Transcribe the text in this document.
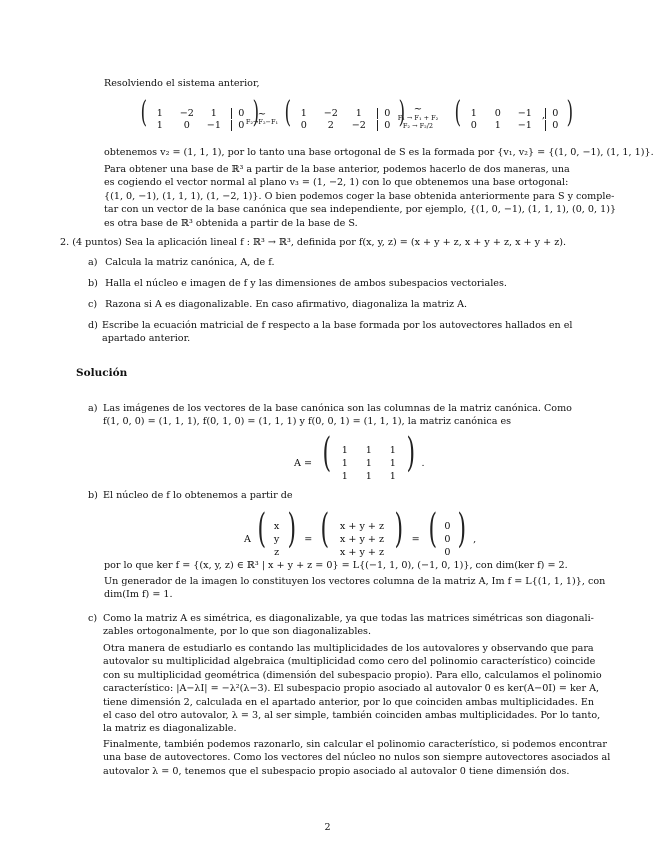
Resolviendo el sistema anterior,
(	1	−2	1	0
1	0	−1	0 )
~
F₂→F₂−F₁ (	1	−2	1	0
0	2	−2	0 ) ~
F₁ → F₁ + F₂
F₂ → F₂/2 (	1	0	−1	0
0	1	−1	0 )
,
obtenemos v₂ = (1, 1, 1), por lo tanto una base ortogonal de S es la formada por {v₁, v₂} = {(1, 0, −1), (1, 1, 1)}.
Para obtener una base de ℝ³ a partir de la base anterior, podemos hacerlo de dos maneras, una
es cogiendo el vector normal al plano v₃ = (1, −2, 1) con lo que obtenemos una base ortogonal:
{(1, 0, −1), (1, 1, 1), (1, −2, 1)}. O bien podemos coger la base obtenida anteriormente para S y comple-
tar con un vector de la base canónica que sea independiente, por ejemplo, {(1, 0, −1), (1, 1, 1), (0, 0, 1)}
es otra base de ℝ³ obtenida a partir de la base de S.
2. (4 puntos) Sea la aplicación lineal f : ℝ³ → ℝ³, definida por f(x, y, z) = (x + y + z, x + y + z, x + y + z).
a) Calcula la matriz canónica, A, de f.
b) Halla el núcleo e imagen de f y las dimensiones de ambos subespacios vectoriales.
c) Razona si A es diagonalizable. En caso afirmativo, diagonaliza la matriz A.
d) Escribe la ecuación matricial de f respecto a la base formada por los autovectores hallados en el
apartado anterior.
Solución
a) Las imágenes de los vectores de la base canónica son las columnas de la matriz canónica. Como
f(1, 0, 0) = (1, 1, 1), f(0, 1, 0) = (1, 1, 1) y f(0, 0, 1) = (1, 1, 1), la matriz canónica es
A = (	1	1	1
1	1	1
1	1	1
) .
b) El núcleo de f lo obtenemos a partir de
A ( x
y
z
) = (	x + y + z
x + y + z
x + y + z
) = ( 0
0
0
) ,
por lo que ker f = {(x, y, z) ∈ ℝ³ | x + y + z = 0} = L{(−1, 1, 0), (−1, 0, 1)}, con dim(ker f) = 2.
Un generador de la imagen lo constituyen los vectores columna de la matriz A, Im f = L{(1, 1, 1)}, con
dim(Im f) = 1.
c) Como la matriz A es simétrica, es diagonalizable, ya que todas las matrices simétricas son diagonali-
zables ortogonalmente, por lo que son diagonalizables.
Otra manera de estudiarlo es contando las multiplicidades de los autovalores y observando que para
autovalor su multiplicidad algebraica (multiplicidad como cero del polinomio característico) coincide
con su multiplicidad geométrica (dimensión del subespacio propio). Para ello, calculamos el polinomio
característico: |A−λI| = −λ²(λ−3). El subespacio propio asociado al autovalor 0 es ker(A−0I) = ker A,
tiene dimensión 2, calculada en el apartado anterior, por lo que coinciden ambas multiplicidades. En
el caso del otro autovalor, λ = 3, al ser simple, también coinciden ambas multiplicidades. Por lo tanto,
la matriz es diagonalizable.
Finalmente, también podemos razonarlo, sin calcular el polinomio característico, si podemos encontrar
una base de autovectores. Como los vectores del núcleo no nulos son siempre autovectores asociados al
autovalor λ = 0, tenemos que el subespacio propio asociado al autovalor 0 tiene dimensión dos.
2
